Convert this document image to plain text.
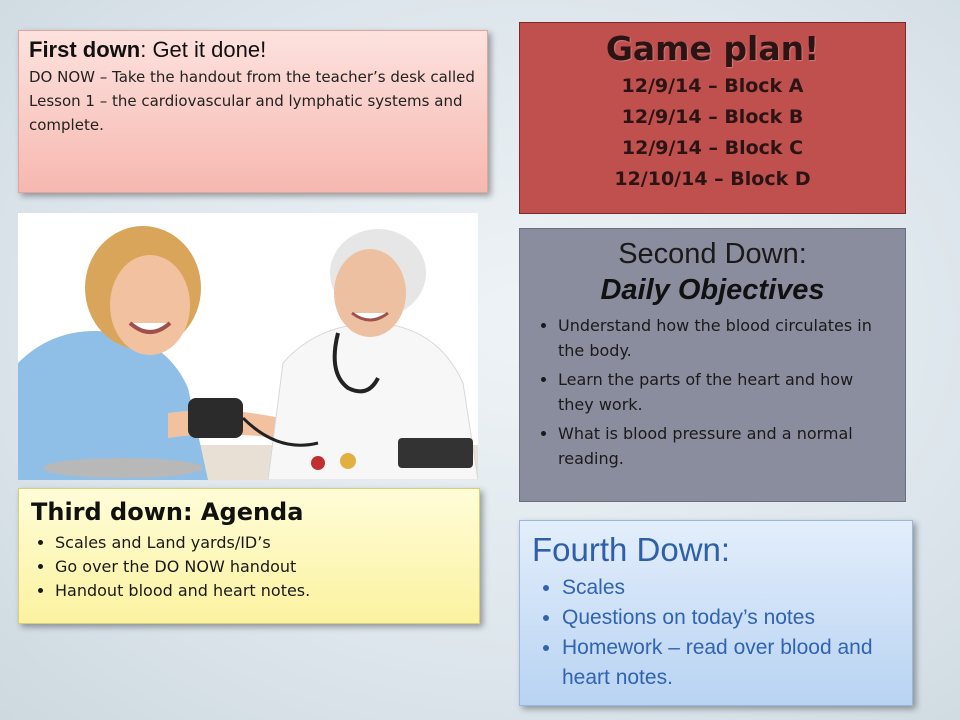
First down: Get it done!
DO NOW – Take the handout from the teacher’s desk called Lesson 1 – the cardiovascular and lymphatic systems and complete.
Game plan!
12/9/14 – Block A
12/9/14 – Block B
12/9/14 – Block C
12/10/14 – Block D
Second Down:
Daily Objectives
• Understand how the blood circulates in the body.
• Learn the parts of the heart and how they work.
• What is blood pressure and a normal reading.
Third down: Agenda
• Scales and Land yards/ID’s
• Go over the DO NOW handout
• Handout blood and heart notes.
Fourth Down:
• Scales
• Questions on today’s notes
• Homework – read over blood and heart notes.
